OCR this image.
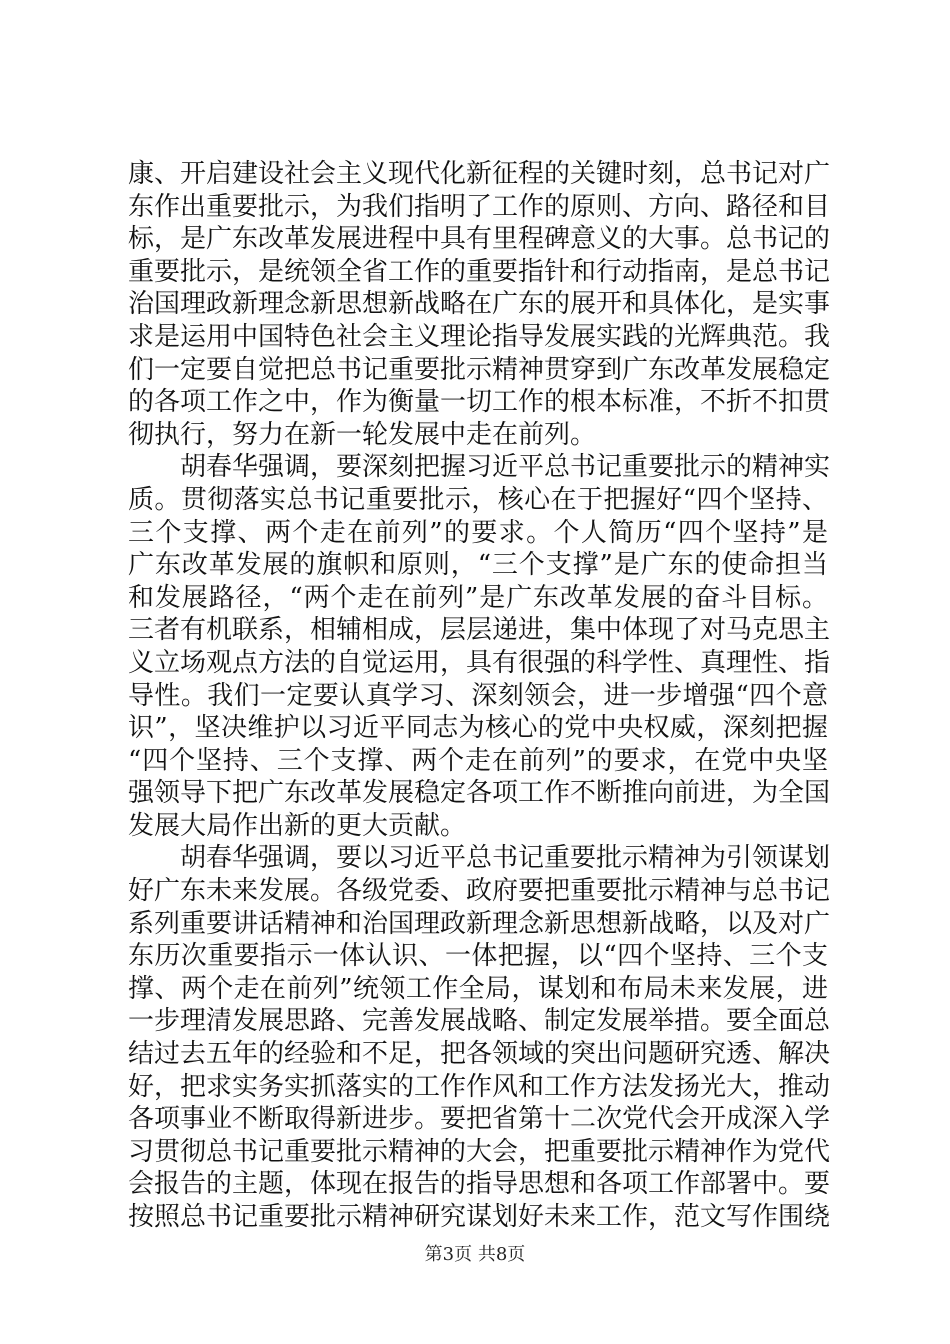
康、开启建设社会主义现代化新征程的关键时刻，总书记对广
东作出重要批示，为我们指明了工作的原则、方向、路径和目
标，是广东改革发展进程中具有里程碑意义的大事。总书记的
重要批示，是统领全省工作的重要指针和行动指南，是总书记
治国理政新理念新思想新战略在广东的展开和具体化，是实事
求是运用中国特色社会主义理论指导发展实践的光辉典范。我
们一定要自觉把总书记重要批示精神贯穿到广东改革发展稳定
的各项工作之中，作为衡量一切工作的根本标准，不折不扣贯
彻执行，努力在新一轮发展中走在前列。
　　胡春华强调，要深刻把握习近平总书记重要批示的精神实
质。贯彻落实总书记重要批示，核心在于把握好“四个坚持、
三个支撑、两个走在前列”的要求。个人简历“四个坚持”是
广东改革发展的旗帜和原则，“三个支撑”是广东的使命担当
和发展路径，“两个走在前列”是广东改革发展的奋斗目标。
三者有机联系，相辅相成，层层递进，集中体现了对马克思主
义立场观点方法的自觉运用，具有很强的科学性、真理性、指
导性。我们一定要认真学习、深刻领会，进一步增强“四个意
识”，坚决维护以习近平同志为核心的党中央权威，深刻把握
“四个坚持、三个支撑、两个走在前列”的要求，在党中央坚
强领导下把广东改革发展稳定各项工作不断推向前进，为全国
发展大局作出新的更大贡献。
　　胡春华强调，要以习近平总书记重要批示精神为引领谋划
好广东未来发展。各级党委、政府要把重要批示精神与总书记
系列重要讲话精神和治国理政新理念新思想新战略，以及对广
东历次重要指示一体认识、一体把握，以“四个坚持、三个支
撑、两个走在前列”统领工作全局，谋划和布局未来发展，进
一步理清发展思路、完善发展战略、制定发展举措。要全面总
结过去五年的经验和不足，把各领域的突出问题研究透、解决
好，把求实务实抓落实的工作作风和工作方法发扬光大，推动
各项事业不断取得新进步。要把省第十二次党代会开成深入学
习贯彻总书记重要批示精神的大会，把重要批示精神作为党代
会报告的主题，体现在报告的指导思想和各项工作部署中。要
按照总书记重要批示精神研究谋划好未来工作，范文写作围绕
第3页 共8页
